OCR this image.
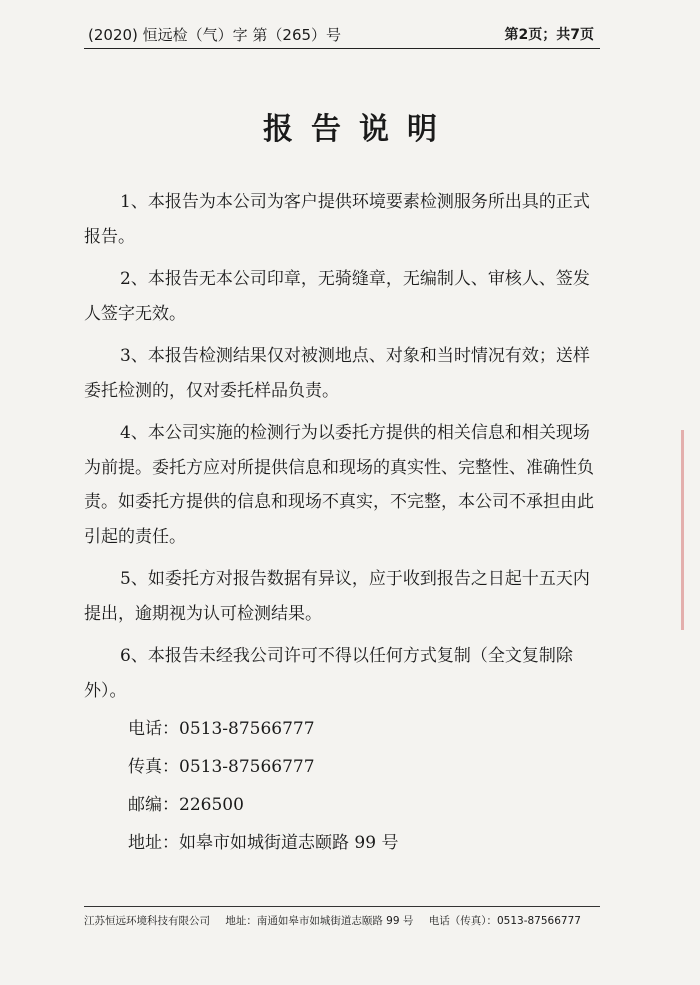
(2020) 恒远检（气）字 第（265）号	第2页；共7页
报告说明

1、本报告为本公司为客户提供环境要素检测服务所出具的正式报告。

2、本报告无本公司印章，无骑缝章，无编制人、审核人、签发人签字无效。

3、本报告检测结果仅对被测地点、对象和当时情况有效；送样委托检测的，仅对委托样品负责。

4、本公司实施的检测行为以委托方提供的相关信息和相关现场为前提。委托方应对所提供信息和现场的真实性、完整性、准确性负责。如委托方提供的信息和现场不真实，不完整，本公司不承担由此引起的责任。

5、如委托方对报告数据有异议，应于收到报告之日起十五天内提出，逾期视为认可检测结果。

6、本报告未经我公司许可不得以任何方式复制（全文复制除外）。

电话：0513-87566777
传真：0513-87566777
邮编：226500
地址：如皋市如城街道志颐路 99 号
江苏恒远环境科技有限公司 地址：南通如皋市如城街道志颐路 99 号 电话（传真）：0513-87566777
